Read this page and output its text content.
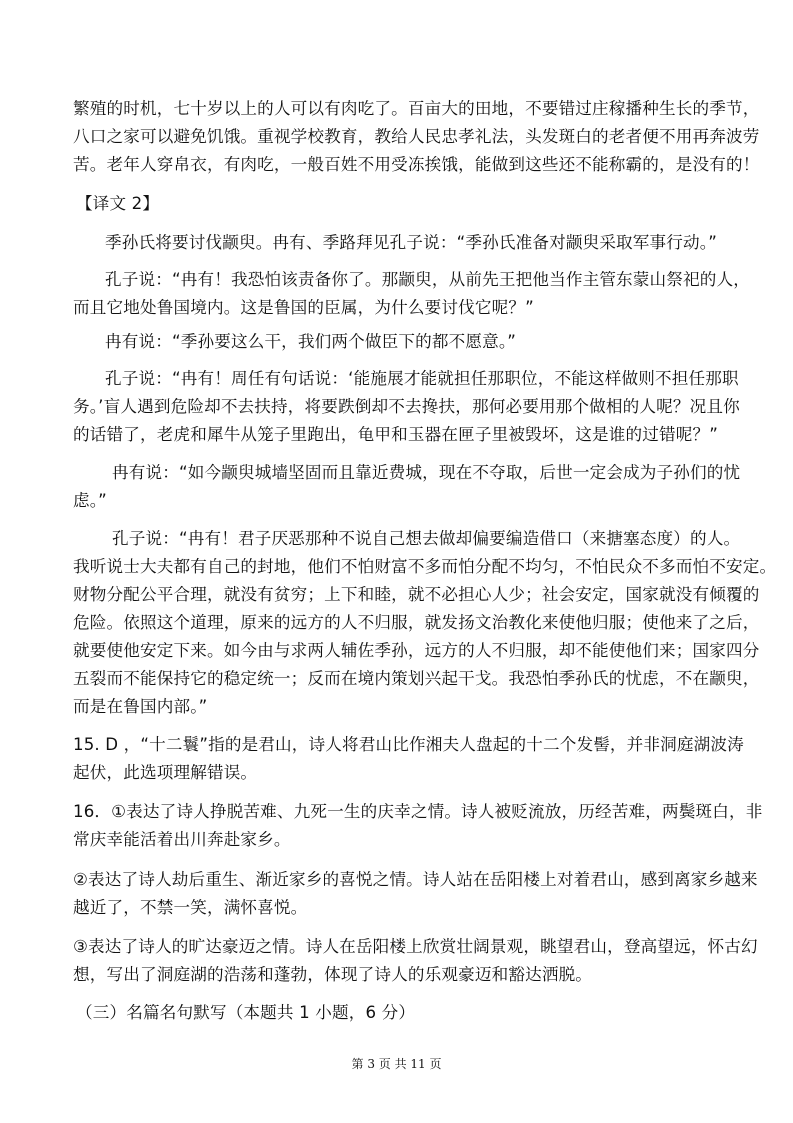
繁殖的时机，七十岁以上的人可以有肉吃了。百亩大的田地，不要错过庄稼播种生长的季节，
八口之家可以避免饥饿。重视学校教育，教给人民忠孝礼法，头发斑白的老者便不用再奔波劳
苦。老年人穿帛衣，有肉吃，一般百姓不用受冻挨饿，能做到这些还不能称霸的，是没有的！
【译文 2】
季孙氏将要讨伐颛臾。冉有、季路拜见孔子说：“季孙氏准备对颛臾采取军事行动。”
孔子说：“冉有！我恐怕该责备你了。那颛臾，从前先王把他当作主管东蒙山祭祀的人，
而且它地处鲁国境内。这是鲁国的臣属，为什么要讨伐它呢？”
冉有说：“季孙要这么干，我们两个做臣下的都不愿意。”
孔子说：“冉有！周任有句话说：‘能施展才能就担任那职位，不能这样做则不担任那职
务。’盲人遇到危险却不去扶持，将要跌倒却不去搀扶，那何必要用那个做相的人呢？况且你
的话错了，老虎和犀牛从笼子里跑出，龟甲和玉器在匣子里被毁坏，这是谁的过错呢？”
冉有说：“如今颛臾城墙坚固而且靠近费城，现在不夺取，后世一定会成为子孙们的忧
虑。”
孔子说：“冉有！君子厌恶那种不说自己想去做却偏要编造借口（来搪塞态度）的人。
我听说士大夫都有自己的封地，他们不怕财富不多而怕分配不均匀，不怕民众不多而怕不安定。
财物分配公平合理，就没有贫穷；上下和睦，就不必担心人少；社会安定，国家就没有倾覆的
危险。依照这个道理，原来的远方的人不归服，就发扬文治教化来使他归服；使他来了之后，
就要使他安定下来。如今由与求两人辅佐季孙，远方的人不归服，却不能使他们来；国家四分
五裂而不能保持它的稳定统一；反而在境内策划兴起干戈。我恐怕季孙氏的忧虑，不在颛臾，
而是在鲁国内部。”
15. D ，“十二鬟”指的是君山，诗人将君山比作湘夫人盘起的十二个发髻，并非洞庭湖波涛
起伏，此选项理解错误。
16．①表达了诗人挣脱苦难、九死一生的庆幸之情。诗人被贬流放，历经苦难，两鬓斑白，非
常庆幸能活着出川奔赴家乡。
②表达了诗人劫后重生、渐近家乡的喜悦之情。诗人站在岳阳楼上对着君山，感到离家乡越来
越近了，不禁一笑，满怀喜悦。
③表达了诗人的旷达豪迈之情。诗人在岳阳楼上欣赏壮阔景观，眺望君山，登高望远，怀古幻
想，写出了洞庭湖的浩荡和蓬勃，体现了诗人的乐观豪迈和豁达洒脱。
（三）名篇名句默写（本题共 1 小题，6 分）
第 3 页 共 11 页
